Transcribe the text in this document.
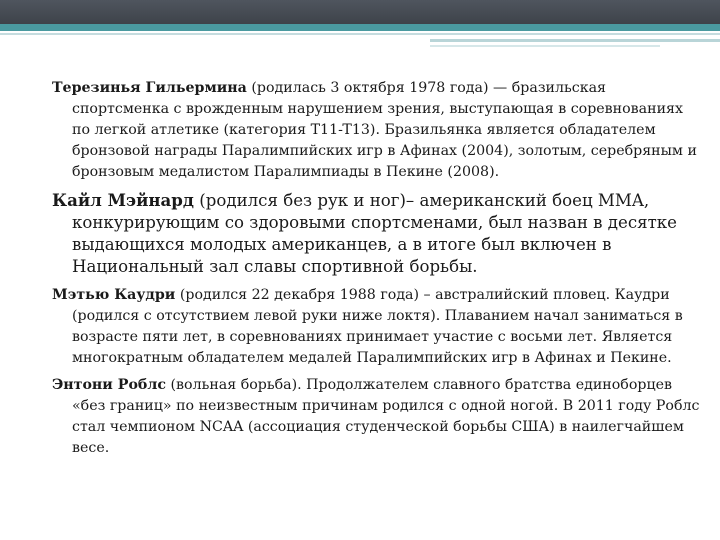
Терезинья Гильермина (родилась 3 октября 1978 года) — бразильская спортсменка с врожденным нарушением зрения, выступающая в соревнованиях по легкой атлетике (категория T11-T13). Бразильянка является обладателем бронзовой награды Паралимпийских игр в Афинах (2004), золотым, серебряным и бронзовым медалистом Паралимпиады в Пекине (2008).

Кайл Мэйнард (родился без рук и ног)– американский боец MMA, конкурирующим со здоровыми спортсменами, был назван в десятке выдающихся молодых американцев, а в итоге был включен в Национальный зал славы спортивной борьбы.

Мэтью Каудри (родился 22 декабря 1988 года) – австралийский пловец. Каудри (родился с отсутствием левой руки ниже локтя). Плаванием начал заниматься в возрасте пяти лет, в соревнованиях принимает участие с восьми лет. Является многократным обладателем медалей Паралимпийских игр в Афинах и Пекине.

Энтони Роблс (вольная борьба). Продолжателем славного братства единоборцев «без границ» по неизвестным причинам родился с одной ногой. В 2011 году Роблс стал чемпионом NCAA (ассоциация студенческой борьбы США) в наилегчайшем весе.
